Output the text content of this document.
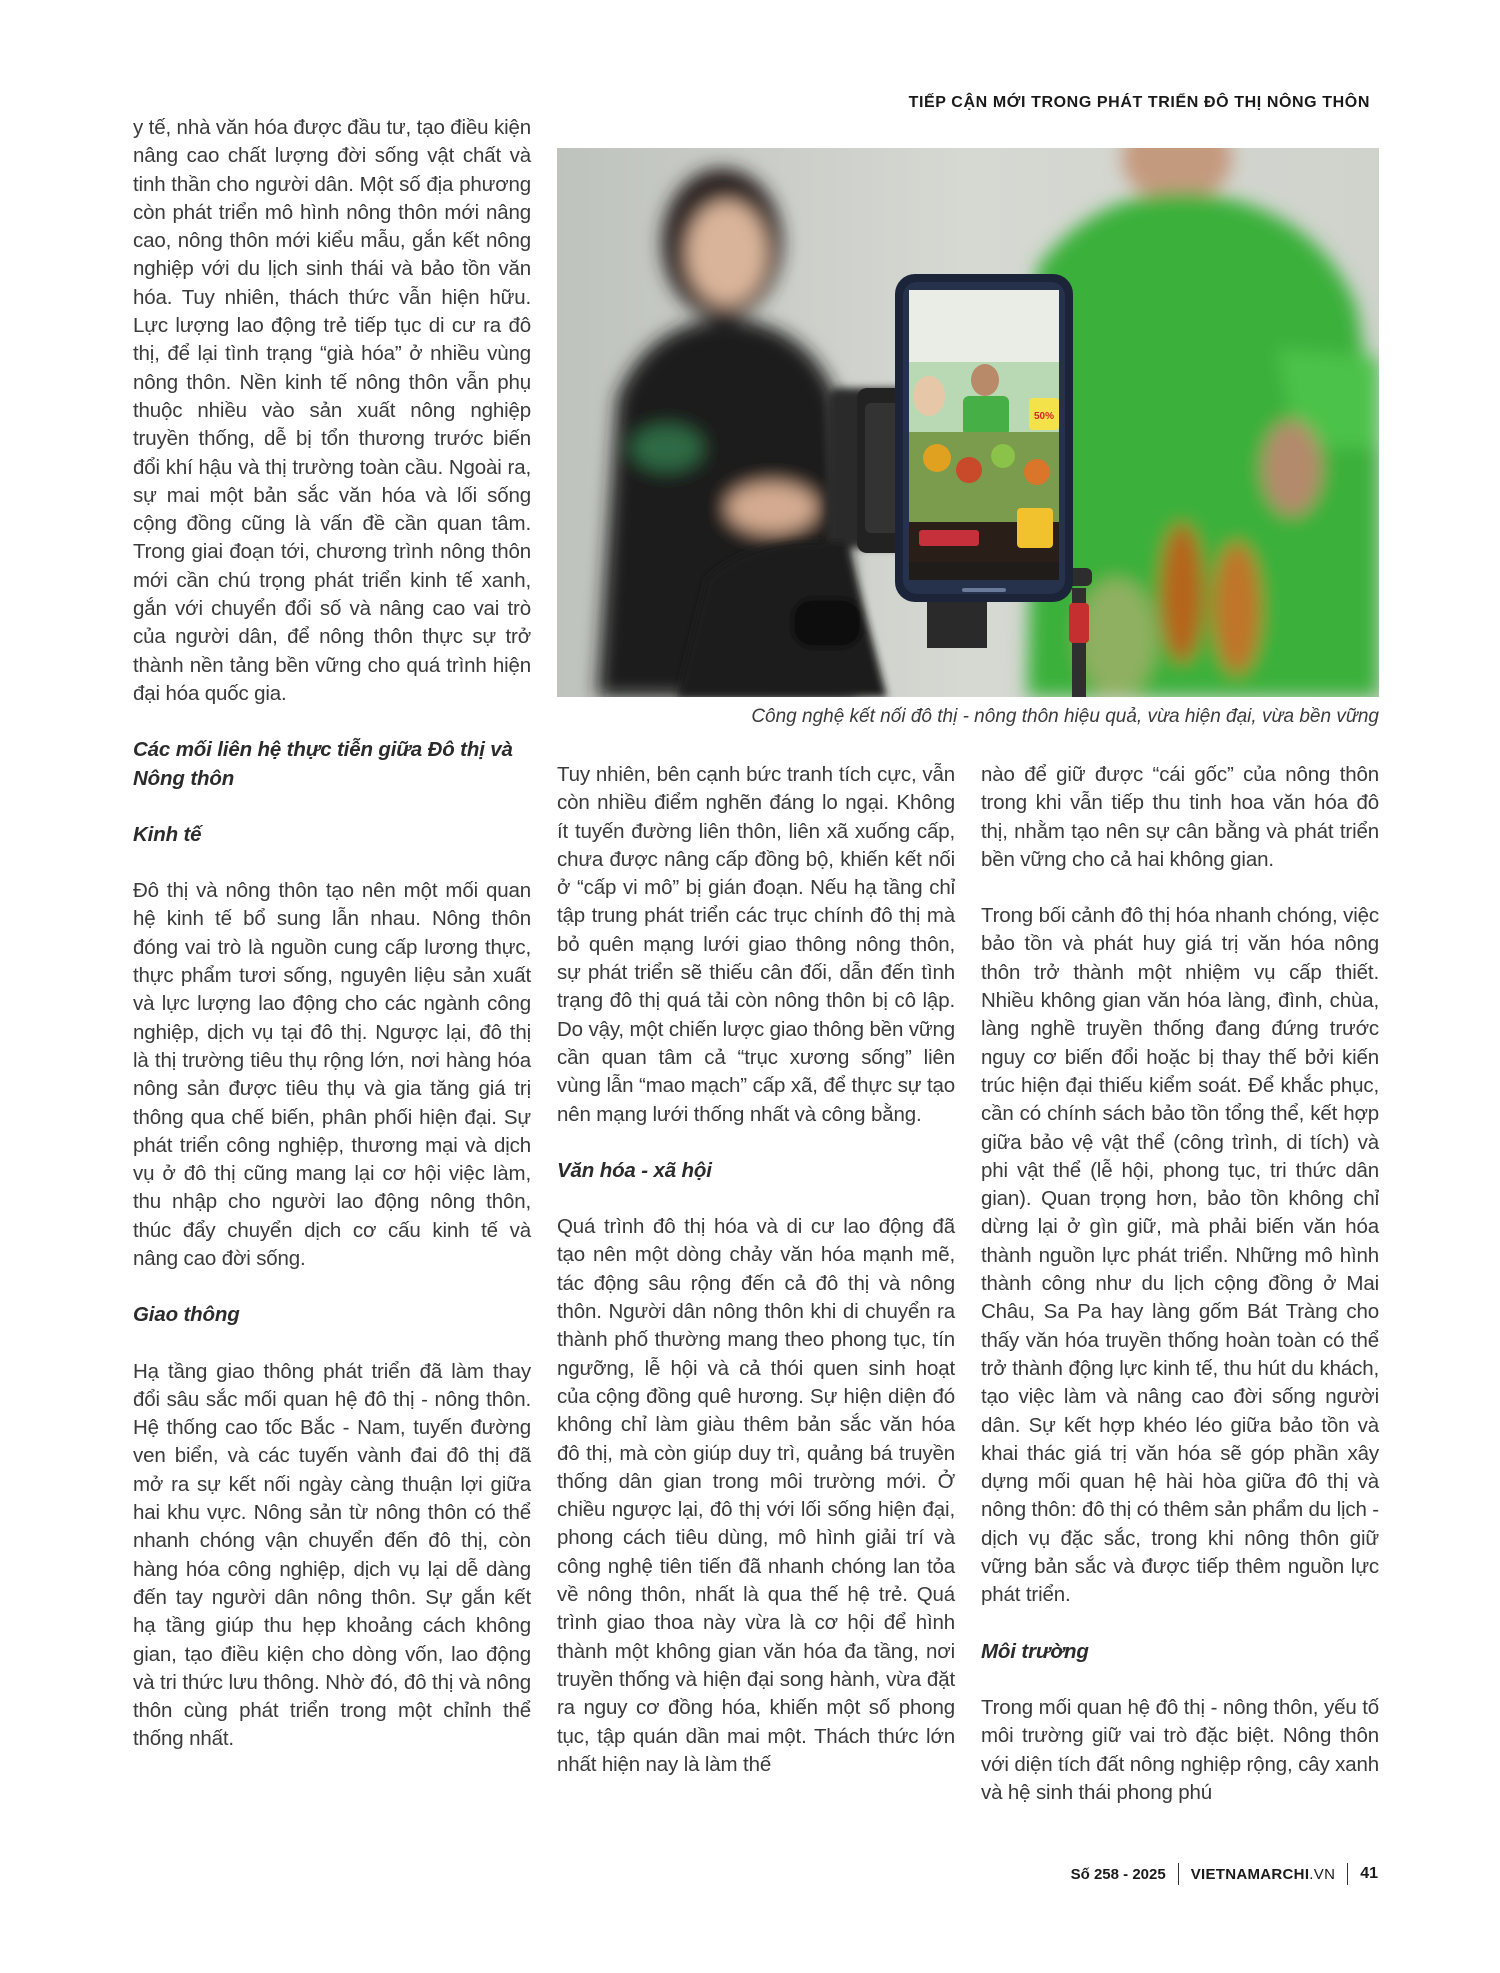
TIẾP CẬN MỚI TRONG PHÁT TRIỂN ĐÔ THỊ NÔNG THÔN

y tế, nhà văn hóa được đầu tư, tạo điều kiện nâng cao chất lượng đời sống vật chất và tinh thần cho người dân. Một số địa phương còn phát triển mô hình nông thôn mới nâng cao, nông thôn mới kiểu mẫu, gắn kết nông nghiệp với du lịch sinh thái và bảo tồn văn hóa. Tuy nhiên, thách thức vẫn hiện hữu. Lực lượng lao động trẻ tiếp tục di cư ra đô thị, để lại tình trạng “già hóa” ở nhiều vùng nông thôn. Nền kinh tế nông thôn vẫn phụ thuộc nhiều vào sản xuất nông nghiệp truyền thống, dễ bị tổn thương trước biến đổi khí hậu và thị trường toàn cầu. Ngoài ra, sự mai một bản sắc văn hóa và lối sống cộng đồng cũng là vấn đề cần quan tâm. Trong giai đoạn tới, chương trình nông thôn mới cần chú trọng phát triển kinh tế xanh, gắn với chuyển đổi số và nâng cao vai trò của người dân, để nông thôn thực sự trở thành nền tảng bền vững cho quá trình hiện đại hóa quốc gia.

Các mối liên hệ thực tiễn giữa Đô thị và Nông thôn
Kinh tế

Đô thị và nông thôn tạo nên một mối quan hệ kinh tế bổ sung lẫn nhau. Nông thôn đóng vai trò là nguồn cung cấp lương thực, thực phẩm tươi sống, nguyên liệu sản xuất và lực lượng lao động cho các ngành công nghiệp, dịch vụ tại đô thị. Ngược lại, đô thị là thị trường tiêu thụ rộng lớn, nơi hàng hóa nông sản được tiêu thụ và gia tăng giá trị thông qua chế biến, phân phối hiện đại. Sự phát triển công nghiệp, thương mại và dịch vụ ở đô thị cũng mang lại cơ hội việc làm, thu nhập cho người lao động nông thôn, thúc đẩy chuyển dịch cơ cấu kinh tế và nâng cao đời sống.

Giao thông

Hạ tầng giao thông phát triển đã làm thay đổi sâu sắc mối quan hệ đô thị - nông thôn. Hệ thống cao tốc Bắc - Nam, tuyến đường ven biển, và các tuyến vành đai đô thị đã mở ra sự kết nối ngày càng thuận lợi giữa hai khu vực. Nông sản từ nông thôn có thể nhanh chóng vận chuyển đến đô thị, còn hàng hóa công nghiệp, dịch vụ lại dễ dàng đến tay người dân nông thôn. Sự gắn kết hạ tầng giúp thu hẹp khoảng cách không gian, tạo điều kiện cho dòng vốn, lao động và tri thức lưu thông. Nhờ đó, đô thị và nông thôn cùng phát triển trong một chỉnh thể thống nhất.

50%
Công nghệ kết nối đô thị - nông thôn hiệu quả, vừa hiện đại, vừa bền vững

Tuy nhiên, bên cạnh bức tranh tích cực, vẫn còn nhiều điểm nghẽn đáng lo ngại. Không ít tuyến đường liên thôn, liên xã xuống cấp, chưa được nâng cấp đồng bộ, khiến kết nối ở “cấp vi mô” bị gián đoạn. Nếu hạ tầng chỉ tập trung phát triển các trục chính đô thị mà bỏ quên mạng lưới giao thông nông thôn, sự phát triển sẽ thiếu cân đối, dẫn đến tình trạng đô thị quá tải còn nông thôn bị cô lập. Do vậy, một chiến lược giao thông bền vững cần quan tâm cả “trục xương sống” liên vùng lẫn “mao mạch” cấp xã, để thực sự tạo nên mạng lưới thống nhất và công bằng.

Văn hóa - xã hội

Quá trình đô thị hóa và di cư lao động đã tạo nên một dòng chảy văn hóa mạnh mẽ, tác động sâu rộng đến cả đô thị và nông thôn. Người dân nông thôn khi di chuyển ra thành phố thường mang theo phong tục, tín ngưỡng, lễ hội và cả thói quen sinh hoạt của cộng đồng quê hương. Sự hiện diện đó không chỉ làm giàu thêm bản sắc văn hóa đô thị, mà còn giúp duy trì, quảng bá truyền thống dân gian trong môi trường mới. Ở chiều ngược lại, đô thị với lối sống hiện đại, phong cách tiêu dùng, mô hình giải trí và công nghệ tiên tiến đã nhanh chóng lan tỏa về nông thôn, nhất là qua thế hệ trẻ. Quá trình giao thoa này vừa là cơ hội để hình thành một không gian văn hóa đa tầng, nơi truyền thống và hiện đại song hành, vừa đặt ra nguy cơ đồng hóa, khiến một số phong tục, tập quán dần mai một. Thách thức lớn nhất hiện nay là làm thế

nào để giữ được “cái gốc” của nông thôn trong khi vẫn tiếp thu tinh hoa văn hóa đô thị, nhằm tạo nên sự cân bằng và phát triển bền vững cho cả hai không gian.

Trong bối cảnh đô thị hóa nhanh chóng, việc bảo tồn và phát huy giá trị văn hóa nông thôn trở thành một nhiệm vụ cấp thiết. Nhiều không gian văn hóa làng, đình, chùa, làng nghề truyền thống đang đứng trước nguy cơ biến đổi hoặc bị thay thế bởi kiến trúc hiện đại thiếu kiểm soát. Để khắc phục, cần có chính sách bảo tồn tổng thể, kết hợp giữa bảo vệ vật thể (công trình, di tích) và phi vật thể (lễ hội, phong tục, tri thức dân gian). Quan trọng hơn, bảo tồn không chỉ dừng lại ở gìn giữ, mà phải biến văn hóa thành nguồn lực phát triển. Những mô hình thành công như du lịch cộng đồng ở Mai Châu, Sa Pa hay làng gốm Bát Tràng cho thấy văn hóa truyền thống hoàn toàn có thể trở thành động lực kinh tế, thu hút du khách, tạo việc làm và nâng cao đời sống người dân. Sự kết hợp khéo léo giữa bảo tồn và khai thác giá trị văn hóa sẽ góp phần xây dựng mối quan hệ hài hòa giữa đô thị và nông thôn: đô thị có thêm sản phẩm du lịch - dịch vụ đặc sắc, trong khi nông thôn giữ vững bản sắc và được tiếp thêm nguồn lực phát triển.

Môi trường

Trong mối quan hệ đô thị - nông thôn, yếu tố môi trường giữ vai trò đặc biệt. Nông thôn với diện tích đất nông nghiệp rộng, cây xanh và hệ sinh thái phong phú

Số 258 - 2025 VIETNAMARCHI.VN 41
